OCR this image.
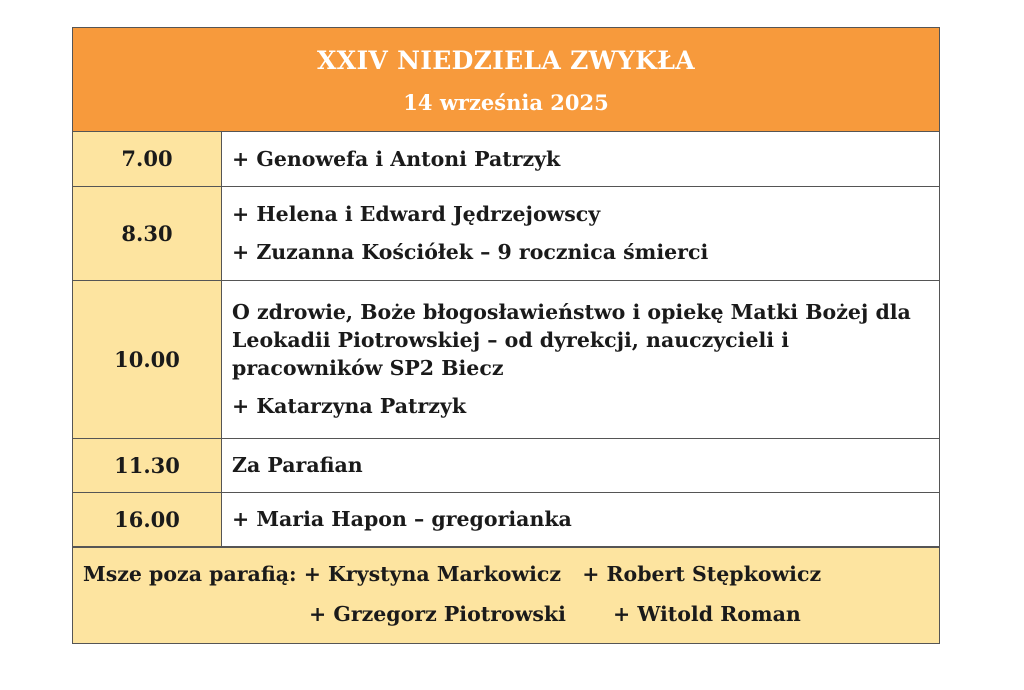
XXIV NIEDZIELA ZWYKŁA
14 września 2025
7.00	+ Genowefa i Antoni Patrzyk

8.30	+ Helena i Edward Jędrzejowscy
+ Zuzanna Kościółek – 9 rocznica śmierci

10.00	O zdrowie, Boże błogosławieństwo i opiekę Matki Bożej dla Leokadii Piotrowskiej – od dyrekcji, nauczycieli i pracowników SP2 Biecz
+ Katarzyna Patrzyk

11.30	Za Parafian

16.00	+ Maria Hapon – gregorianka
Msze poza parafią: + Krystyna Markowicz + Robert Stępkowicz
+ Grzegorz Piotrowski + Witold Roman
